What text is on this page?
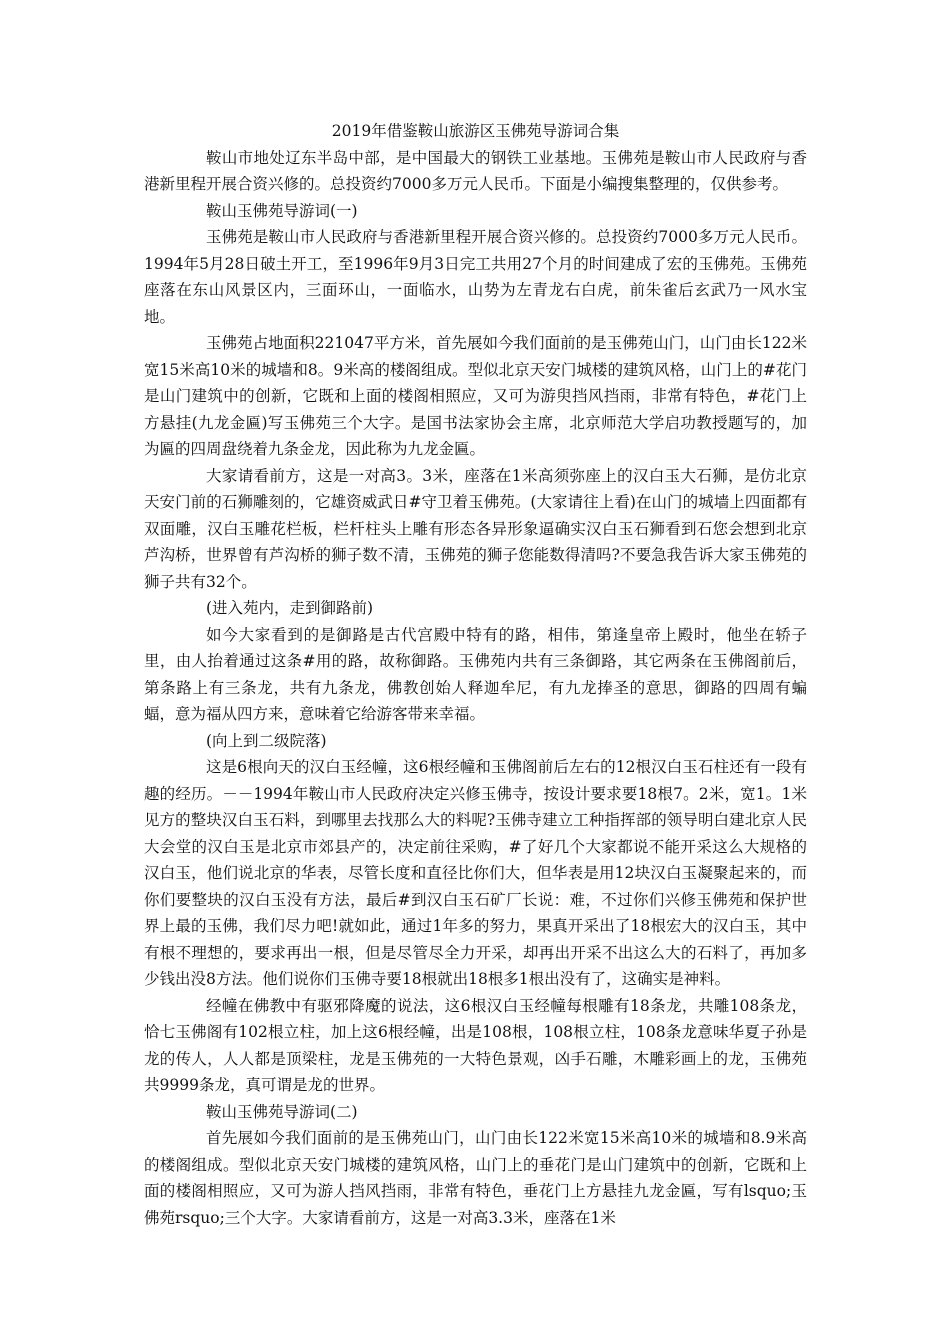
2019年借鉴鞍山旅游区玉佛苑导游词合集

鞍山市地处辽东半岛中部，是中国最大的钢铁工业基地。玉佛苑是鞍山市人民政府与香港新里程开展合资兴修的。总投资约7000多万元人民币。下面是小编搜集整理的，仅供参考。

鞍山玉佛苑导游词(一)

玉佛苑是鞍山市人民政府与香港新里程开展合资兴修的。总投资约7000多万元人民币。1994年5月28日破土开工，至1996年9月3日完工共用27个月的时间建成了宏的玉佛苑。玉佛苑座落在东山风景区内，三面环山，一面临水，山势为左青龙右白虎，前朱雀后玄武乃一风水宝地。

玉佛苑占地面积221047平方米，首先展如今我们面前的是玉佛苑山门，山门由长122米宽15米高10米的城墙和8。9米高的楼阁组成。型似北京天安门城楼的建筑风格，山门上的#花门是山门建筑中的创新，它既和上面的楼阁相照应，又可为游臾挡风挡雨，非常有特色，#花门上方悬挂(九龙金匾)写玉佛苑三个大字。是国书法家协会主席，北京师范大学启功教授题写的，加为匾的四周盘绕着九条金龙，因此称为九龙金匾。

大家请看前方，这是一对高3。3米，座落在1米高须弥座上的汉白玉大石狮，是仿北京天安门前的石狮雕刻的，它雄资威武日#守卫着玉佛苑。(大家请往上看)在山门的城墙上四面都有双面雕，汉白玉雕花栏板，栏杆柱头上雕有形态各异形象逼确实汉白玉石狮看到石您会想到北京芦沟桥，世界曾有芦沟桥的狮子数不清，玉佛苑的狮子您能数得清吗?不要急我告诉大家玉佛苑的狮子共有32个。

(进入苑内，走到御路前)

如今大家看到的是御路是古代宫殿中特有的路，相伟，第逢皇帝上殿时，他坐在轿子里，由人抬着通过这条#用的路，故称御路。玉佛苑内共有三条御路，其它两条在玉佛阁前后，第条路上有三条龙，共有九条龙，佛教创始人释迦牟尼，有九龙捧圣的意思，御路的四周有蝙蝠，意为福从四方来，意味着它给游客带来幸福。

(向上到二级院落)

这是6根向天的汉白玉经幢，这6根经幢和玉佛阁前后左右的12根汉白玉石柱还有一段有趣的经历。－－1994年鞍山市人民政府决定兴修玉佛寺，按设计要求要18根7。2米，宽1。1米见方的整块汉白玉石料，到哪里去找那么大的料呢?玉佛寺建立工种指挥部的领导明白建北京人民大会堂的汉白玉是北京市郊县产的，决定前往采购，#了好几个大家都说不能开采这么大规格的汉白玉，他们说北京的华表，尽管长度和直径比你们大，但华表是用12块汉白玉凝聚起来的，而你们要整块的汉白玉没有方法，最后#到汉白玉石矿厂长说：难，不过你们兴修玉佛苑和保护世界上最的玉佛，我们尽力吧!就如此，通过1年多的努力，果真开采出了18根宏大的汉白玉，其中有根不理想的，要求再出一根，但是尽管尽全力开采，却再出开采不出这么大的石料了，再加多少钱出没8方法。他们说你们玉佛寺要18根就出18根多1根出没有了，这确实是神料。

经幢在佛教中有驱邪降魔的说法，这6根汉白玉经幢每根雕有18条龙，共雕108条龙，恰七玉佛阁有102根立柱，加上这6根经幢，出是108根，108根立柱，108条龙意味华夏子孙是龙的传人，人人都是顶梁柱，龙是玉佛苑的一大特色景观，凶手石雕，木雕彩画上的龙，玉佛苑共9999条龙，真可谓是龙的世界。

鞍山玉佛苑导游词(二)

首先展如今我们面前的是玉佛苑山门，山门由长122米宽15米高10米的城墙和8.9米高的楼阁组成。型似北京天安门城楼的建筑风格，山门上的垂花门是山门建筑中的创新，它既和上面的楼阁相照应，又可为游人挡风挡雨，非常有特色，垂花门上方悬挂九龙金匾，写有lsquo;玉佛苑rsquo;三个大字。大家请看前方，这是一对高3.3米，座落在1米
